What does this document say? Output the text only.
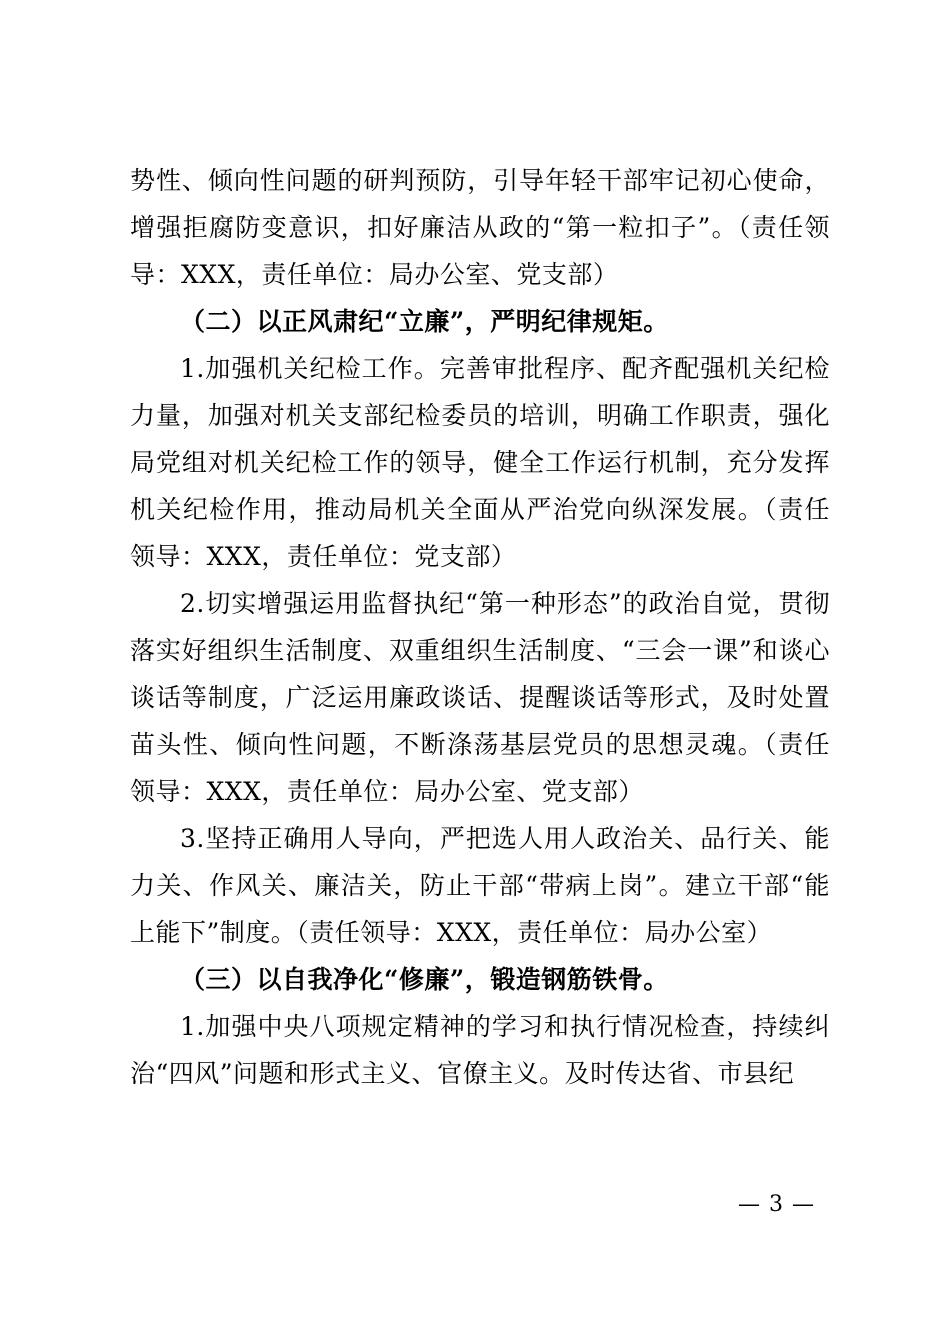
势性、倾向性问题的研判预防，引导年轻干部牢记初心使命，增强拒腐防变意识，扣好廉洁从政的“第一粒扣子”。（责任领导：XXX，责任单位：局办公室、党支部）

（二）以正风肃纪“立廉”，严明纪律规矩。

1.加强机关纪检工作。完善审批程序、配齐配强机关纪检力量，加强对机关支部纪检委员的培训，明确工作职责，强化局党组对机关纪检工作的领导，健全工作运行机制，充分发挥机关纪检作用，推动局机关全面从严治党向纵深发展。（责任领导：XXX，责任单位：党支部）

2.切实增强运用监督执纪“第一种形态”的政治自觉，贯彻落实好组织生活制度、双重组织生活制度、“三会一课”和谈心谈话等制度，广泛运用廉政谈话、提醒谈话等形式，及时处置苗头性、倾向性问题，不断涤荡基层党员的思想灵魂。（责任领导：XXX，责任单位：局办公室、党支部）

3.坚持正确用人导向，严把选人用人政治关、品行关、能力关、作风关、廉洁关，防止干部“带病上岗”。建立干部“能上能下”制度。（责任领导：XXX，责任单位：局办公室）

（三）以自我净化“修廉”，锻造钢筋铁骨。

1.加强中央八项规定精神的学习和执行情况检查，持续纠治“四风”问题和形式主义、官僚主义。及时传达省、市县纪

— 3 —
